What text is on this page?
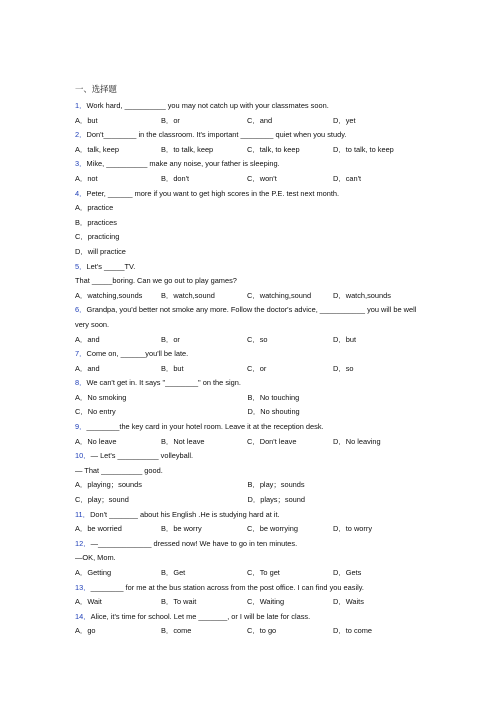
一、选择题
1．Work hard, __________ you may not catch up with your classmates soon.
A．but	B．or	C．and	D．yet
2．Don't________ in the classroom. It's important ________ quiet when you study.
A．talk, keep	B．to talk, keep	C．talk, to keep	D．to talk, to keep
3．Mike, __________ make any noise, your father is sleeping.
A．not	B．don't	C．won't	D．can't
4．Peter, ______ more if you want to get high scores in the P.E. test next month.
A．practice
B．practices
C．practicing
D．will practice
5．Let's _____TV.
That _____boring. Can we go out to play games?
A．watching,sounds	B．watch,sound	C．watching,sound	D．watch,sounds
6．Grandpa, you'd better not smoke any more. Follow the doctor's advice, ___________ you will be well very soon.
A．and	B．or	C．so	D．but
7．Come on, ______you'll be late.
A．and	B．but	C．or	D．so
8．We can't get in. It says "________" on the sign.
A．No smoking	B．No touching
C．No entry	D．No shouting
9．________the key card in your hotel room. Leave it at the reception desk.
A．No leave	B．Not leave	C．Don't leave	D．No leaving
10．— Let's __________ volleyball.
— That __________ good.
A．playing；sounds	B．play；sounds
C．play；sound	D．plays；sound
11．Don't _______ about his English .He is studying hard at it.
A．be worried	B．be worry	C．be worrying	D．to worry
12．—_____________ dressed now! We have to go in ten minutes.
—OK, Mom.
A．Getting	B．Get	C．To get	D．Gets
13．________ for me at the bus station across from the post office. I can find you easily.
A．Wait	B．To wait	C．Waiting	D．Waits
14．Alice, it's time for school. Let me _______, or I will be late for class.
A．go	B．come	C．to go	D．to come
